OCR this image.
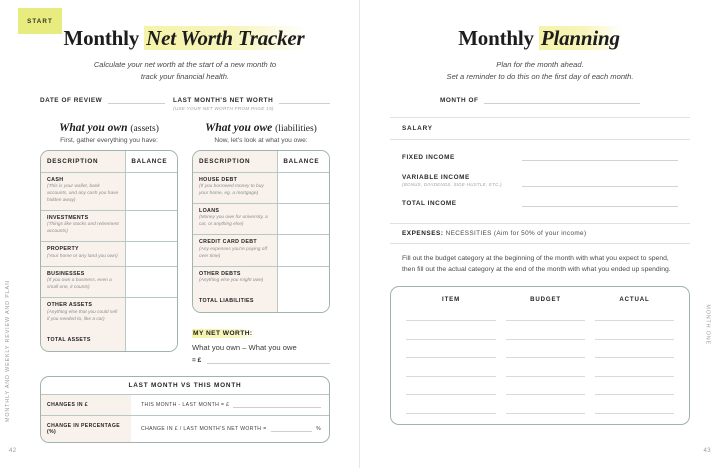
START
MONTHLY AND WEEKLY REVIEW AND PLAN
42
Monthly Net Worth Tracker
Calculate your net worth at the start of a new month to
track your financial health.
DATE OF REVIEW	LAST MONTH'S NET WORTH
(USE YOUR NET WORTH FROM PAGE 15)
What you own (assets)
First, gather everything you have:
DESCRIPTION	BALANCE
CASH
(This is your wallet, bank accounts, and any cash you have hidden away)
INVESTMENTS
(Things like stocks and retirement accounts)
PROPERTY
(Your home or any land you own)
BUSINESSES
(If you own a business, even a small one, it counts)
OTHER ASSETS
(Anything else that you could sell if you needed to, like a car)
TOTAL ASSETS
What you owe (liabilities)
Now, let's look at what you owe:
DESCRIPTION	BALANCE
HOUSE DEBT
(If you borrowed money to buy your home, eg. a mortgage)
LOANS
(Money you owe for university, a car, or anything else)
CREDIT CARD DEBT
(Any expenses you're paying off over time)
OTHER DEBTS
(Anything else you might owe)
TOTAL LIABILITIES
MY NET WORTH:
What you own – What you owe
= £
LAST MONTH VS THIS MONTH
CHANGES IN £	THIS MONTH - LAST MONTH = £
CHANGE IN PERCENTAGE (%)	CHANGE IN £ / LAST MONTH'S NET WORTH =	%
MONTH ONE
43
Monthly Planning
Plan for the month ahead.
Set a reminder to do this on the first day of each month.
MONTH OF
SALARY
FIXED INCOME
VARIABLE INCOME
(BONUS, DIVIDENDS, SIDE-HUSTLE, ETC.)
TOTAL INCOME
EXPENSES: NECESSITIES (Aim for 50% of your income)
Fill out the budget category at the beginning of the month with what you expect to spend, then fill out the actual category at the end of the month with what you ended up spending.
ITEM	BUDGET	ACTUAL
